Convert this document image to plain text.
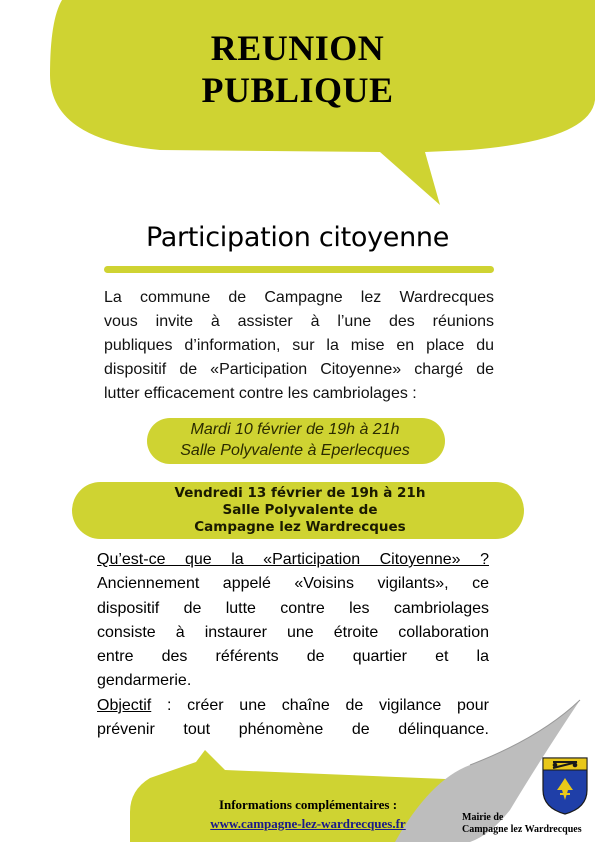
REUNION
PUBLIQUE
Participation citoyenne
La commune de Campagne lez Wardrecques
vous invite à assister à l’une des réunions
publiques d’information, sur la mise en place du
dispositif de «Participation Citoyenne» chargé de
lutter efficacement contre les cambriolages :
Mardi 10 février de 19h à 21h
Salle Polyvalente à Eperlecques
Vendredi 13 février de 19h à 21h
Salle Polyvalente de
Campagne lez Wardrecques
Qu’est-ce que la «Participation Citoyenne» ?
Anciennement appelé «Voisins vigilants», ce
dispositif de lutte contre les cambriolages
consiste à instaurer une étroite collaboration
entre des référents de quartier et la
gendarmerie.
Objectif : créer une chaîne de vigilance pour
prévenir tout phénomène de délinquance.
Informations complémentaires :
www.campagne-lez-wardrecques.fr	Mairie de
Campagne lez Wardrecques
